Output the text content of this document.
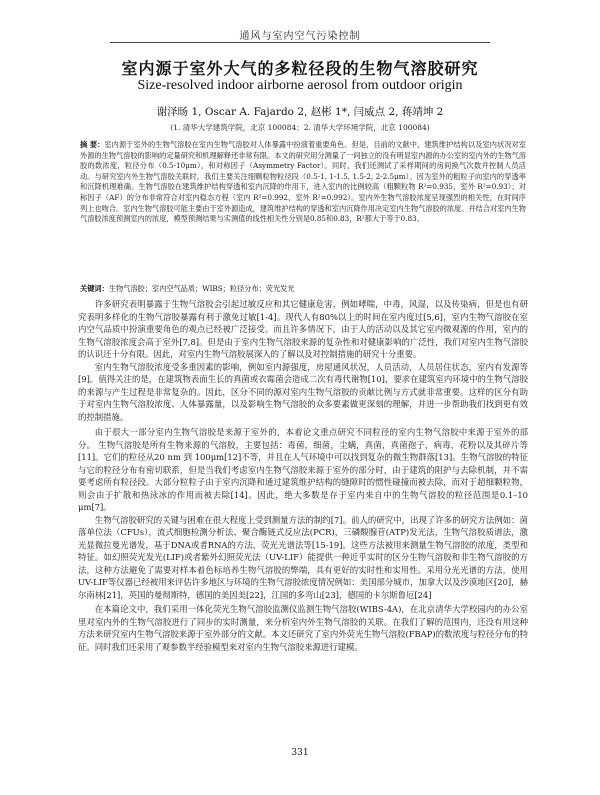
通风与室内空气污染控制
室内源于室外大气的多粒径段的生物气溶胶研究
Size-resolved indoor airborne aerosol from outdoor origin
谢泽旸 1, Oscar A. Fajardo 2, 赵彬 1*, 闫威点 2, 蒋靖坤 2
(1. 清华大学建筑学院，北京 100084；2. 清华大学环境学院，北京 100084)
摘 要：室内源于室外的生物气溶胶在室内生物气溶胶对人体暴露中扮演着重要角色。但是，目前的文献中，建筑维护结构以及室内状况对室外源的生物气溶胶的影响的定量研究和机理解释还非常有限。本文的研究用分测量了一间独立的没有明显室内源的办公室的室内外的生物气溶胶的数浓度，粒径分布（0.5-10μm），和对称因子（Asymmetry Factor）。同时，我们还测试了采样期间的房间换气次数并控制人员活动。与研究室内外生物气溶胶关联时，我们主要关注细颗粒物粒径段（0.5-1, 1-1.5, 1.5-2, 2-2.5μm）。因为室外的粗粒子向室内的穿透率和沉降机理难确。生物气溶胶在建筑维护结构穿透和室内沉降的作用下，进入室内的比例较高（粗颗粒物 R²=0.935，室外 R²=0.93）；对称因子（AF）的分布非常符合对室内稳态方程（室内 R²=0.992，室外 R²=0.992）。室内外生物气溶胶浓度呈现强烈的相关性，在时间序列上也吻合。室内生物气溶胶可能主要由于室外源造成，建筑维护结构的穿透和室内沉降作用决定室内生物气溶胶的浓度。并结合对室内生物气溶胶浓度预测室内的浓度，模型预测结果与实测值的线性相关性分别是0.85和0.83，R²都大于等于0.83。
关键词：生物气溶胶；室内空气品质；WIBS；粒径分布；荧光发光

许多研究表明暴露于生物气溶胶会引起过敏反应和其它健康危害，例如哮喘，中毒，风湿，以及传染病，但是也有研究表明多样化的生物气溶胶暴露有利于激免过敏[1-4]。现代人有80%以上的时间在室内度过[5,6]，室内生物气溶胶在室内空气品质中扮演重要角色的观点已经被广泛接受。而且许多情况下，由于人的活动以及其它室内微观源的作用，室内的生物气溶胶浓度会高于室外[7,8]。但是由于室内生物气溶胶来源的复杂性和对健康影响的广泛性，我们对室内生物气溶胶的认识还十分有限。因此，对室内生物气溶胶展深入的了解以及对控制措施的研究十分重要。

室内生物气溶胶浓度受多重因素的影响，例如室内源强度，房屋通风状况，人员活动，人员居住状态，室内有发源等[9]。值得关注的是，在建筑物表面生长的真菌或衣霉菌会造成二次有毒代谢物[10]，要求在建筑室内环境中的生物气溶胶的来源与产生过程是非常复杂的。因此，区分不同的源对室内生物气溶胶的贡献比例与方式就非常重要。这样的区分有助于对室内生物气溶胶浓度、人体暴露量，以及影响生物气溶胶的众多要素做更深刻的理解，并进一步帮助我们找到更有效的控制措施。

由于很大一部分室内生物气溶胶是来源于室外的，本着论文重点研究不同粒径的室内生物气溶胶中来源于室外的部分。 生物气溶胶是所有生物来源的气溶胶，主要包括：毒菌，细菌，尘螨，真菌，真菌孢子，病毒，花粉以及其碎片等[11]。它们的粒径从20 nm 到 100μm[12]不等，并且在人气环境中可以找到复杂的微生物群落[13]。生物气溶胶的特征与它的粒径分布有密切联系，但是当我们考虑室内生物气溶胶来源于室外的部分时，由于建筑的阻护与去除机制，并不需要考虑所有粒径段。大部分粒粒子由于室内沉降和通过建筑维护结构的缝隙时的惯性碰撞而被去除，而对于超细颗粒物，则会由于扩散和热泳冰的作用而被去除[14]。因此，绝大多数是存于室内来自中的生物气溶胶的粒径范围是0.1–10 μm[7]。

生物气溶胶研究的关键与困难在很大程度上受到测量方法的制约[7]。前人的研究中，出现了许多的研究方法例如：菌落单位法（CFUs），流式细胞检测分析法、聚合酶链式反应法(PCR)，三磷酸腺苷(ATP)发光法，生物气溶胶质谱法，激光显微拉曼光谱发，基于DNA或者RNA的方法，荧光光谱法等[15-19]。这些方法被用来测量生物气溶胶的浓度，类型和特征。如幻照荧光发光(LIF)或者紫外幻照荧光法（UV-LIF）能提供一种近乎实时的区分生物气溶胶和非生物气溶胶的方法，这种方法避免了需要对样本着色标培养生物气溶胶的弊端，具有更好的实时性和实用性。采用分光光谱的方法，使用UV-LIF等仪器已经被用来评估许多地区与环境的生物气溶胶浓度情况例如：美国部分城市，加拿大以及沙漠地区[20]，赫尔南林[21]，英国的曼彻斯特，德国的美因美[22]，江国的多弯山[23]，德国的卡尔斯鲁厄[24]

在本篇论文中，我们采用一体化荧光生物气溶胶监测仪监测生物气溶胶(WIBS-4A)，在北京清华大学校园内的办公室里对室内外的生物气溶胶进行了同步的实时测量，来分析室内外生物气溶胶的关联。在我们了解的范围内，还没有用这种方法来研究室内生物气溶胶来源于室外部分的文献。本文还研究了室内外荧光生物气溶胶(FBAP)的数浓度与粒径分布的特征。同时我们还采用了观参数半经验模型来对室内生物气溶胶来源进行建模。

331
